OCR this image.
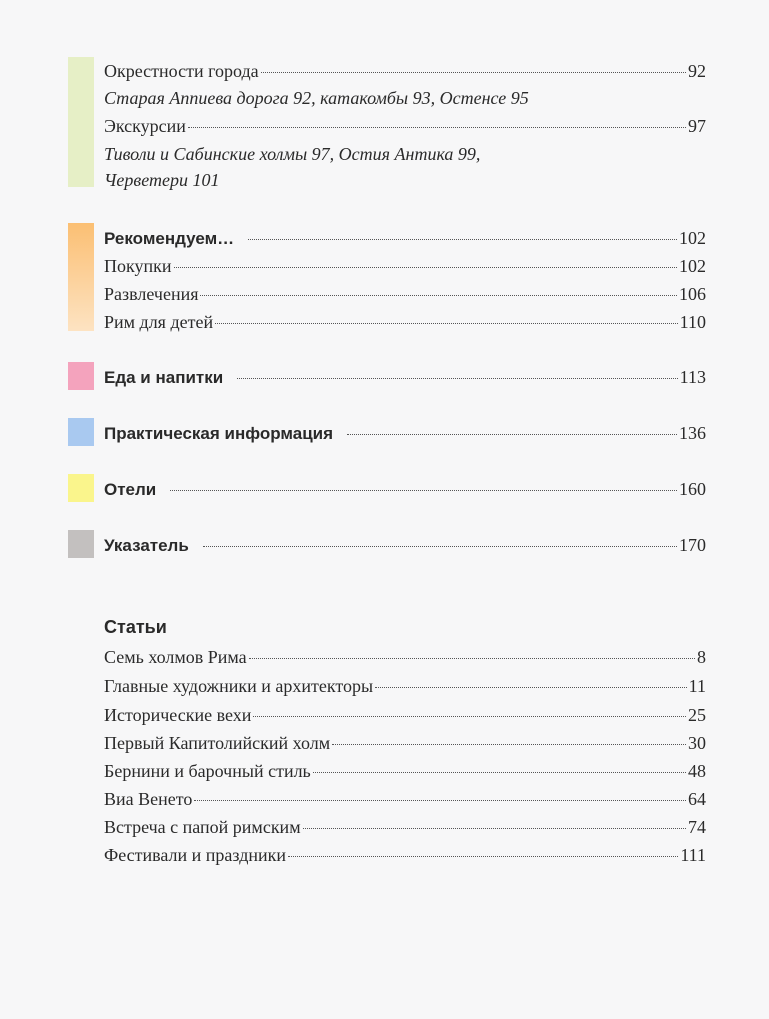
Окрестности города	92
Старая Аппиева дорога 92, катакомбы 93, Остенсе 95
Экскурсии	97
Тиволи и Сабинские холмы 97, Остия Антика 99,
Черветери 101
Рекомендуем…	102
Покупки	102
Развлечения	106
Рим для детей	110
Еда и напитки	113
Практическая информация	136
Отели	160
Указатель	170
Статьи
Семь холмов Рима	8
Главные художники и архитекторы	11
Исторические вехи	25
Первый Капитолийский холм	30
Бернини и барочный стиль	48
Виа Венето	64
Встреча с папой римским	74
Фестивали и праздники	111
